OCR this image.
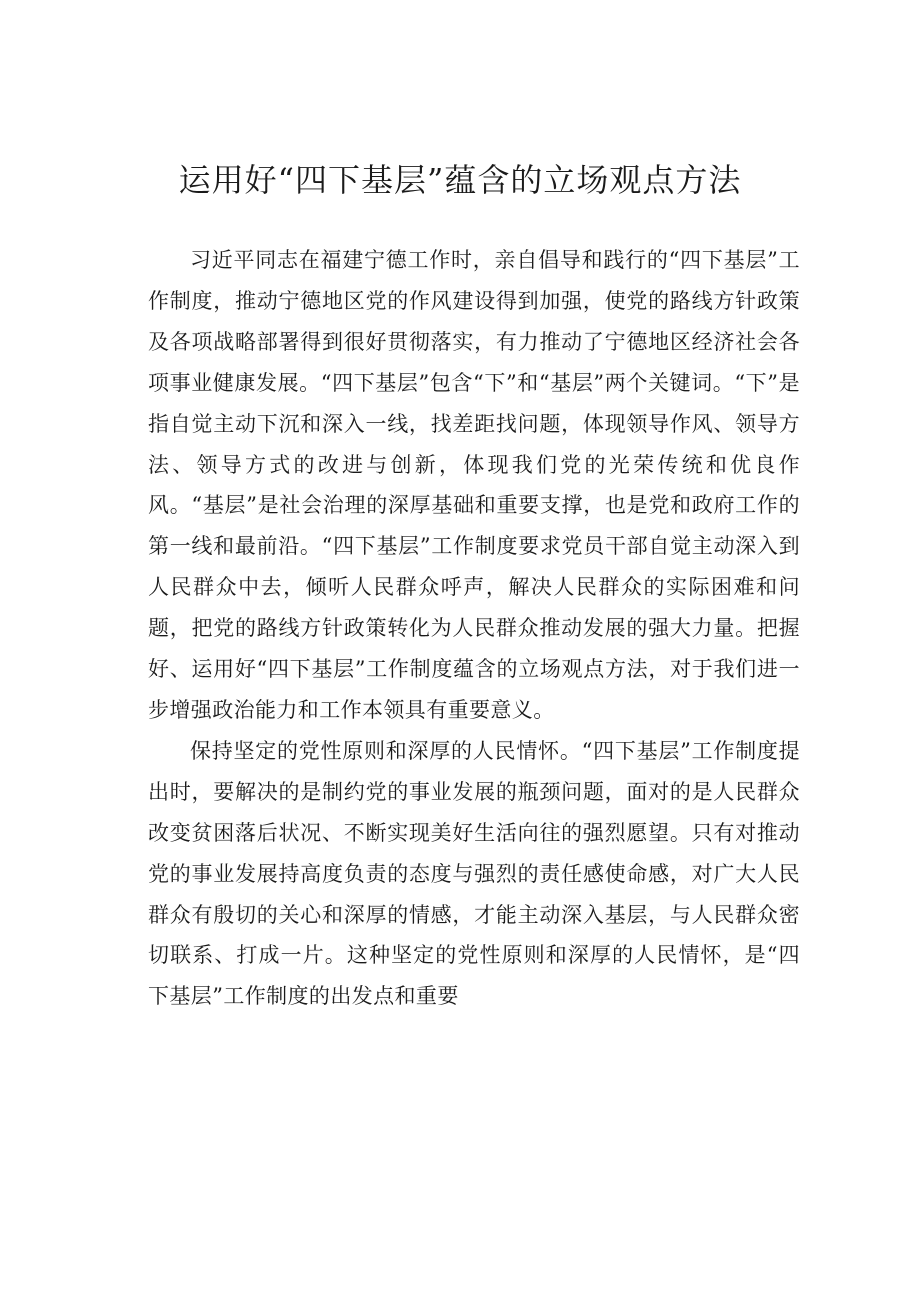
运用好“四下基层”蕴含的立场观点方法

习近平同志在福建宁德工作时，亲自倡导和践行的“四下基层”工作制度，推动宁德地区党的作风建设得到加强，使党的路线方针政策及各项战略部署得到很好贯彻落实，有力推动了宁德地区经济社会各项事业健康发展。“四下基层”包含“下”和“基层”两个关键词。“下”是指自觉主动下沉和深入一线，找差距找问题，体现领导作风、领导方法、领导方式的改进与创新，体现我们党的光荣传统和优良作风。“基层”是社会治理的深厚基础和重要支撑，也是党和政府工作的第一线和最前沿。“四下基层”工作制度要求党员干部自觉主动深入到人民群众中去，倾听人民群众呼声，解决人民群众的实际困难和问题，把党的路线方针政策转化为人民群众推动发展的强大力量。把握好、运用好“四下基层”工作制度蕴含的立场观点方法，对于我们进一步增强政治能力和工作本领具有重要意义。

保持坚定的党性原则和深厚的人民情怀。“四下基层”工作制度提出时，要解决的是制约党的事业发展的瓶颈问题，面对的是人民群众改变贫困落后状况、不断实现美好生活向往的强烈愿望。只有对推动党的事业发展持高度负责的态度与强烈的责任感使命感，对广大人民群众有殷切的关心和深厚的情感，才能主动深入基层，与人民群众密切联系、打成一片。这种坚定的党性原则和深厚的人民情怀，是“四下基层”工作制度的出发点和重要
